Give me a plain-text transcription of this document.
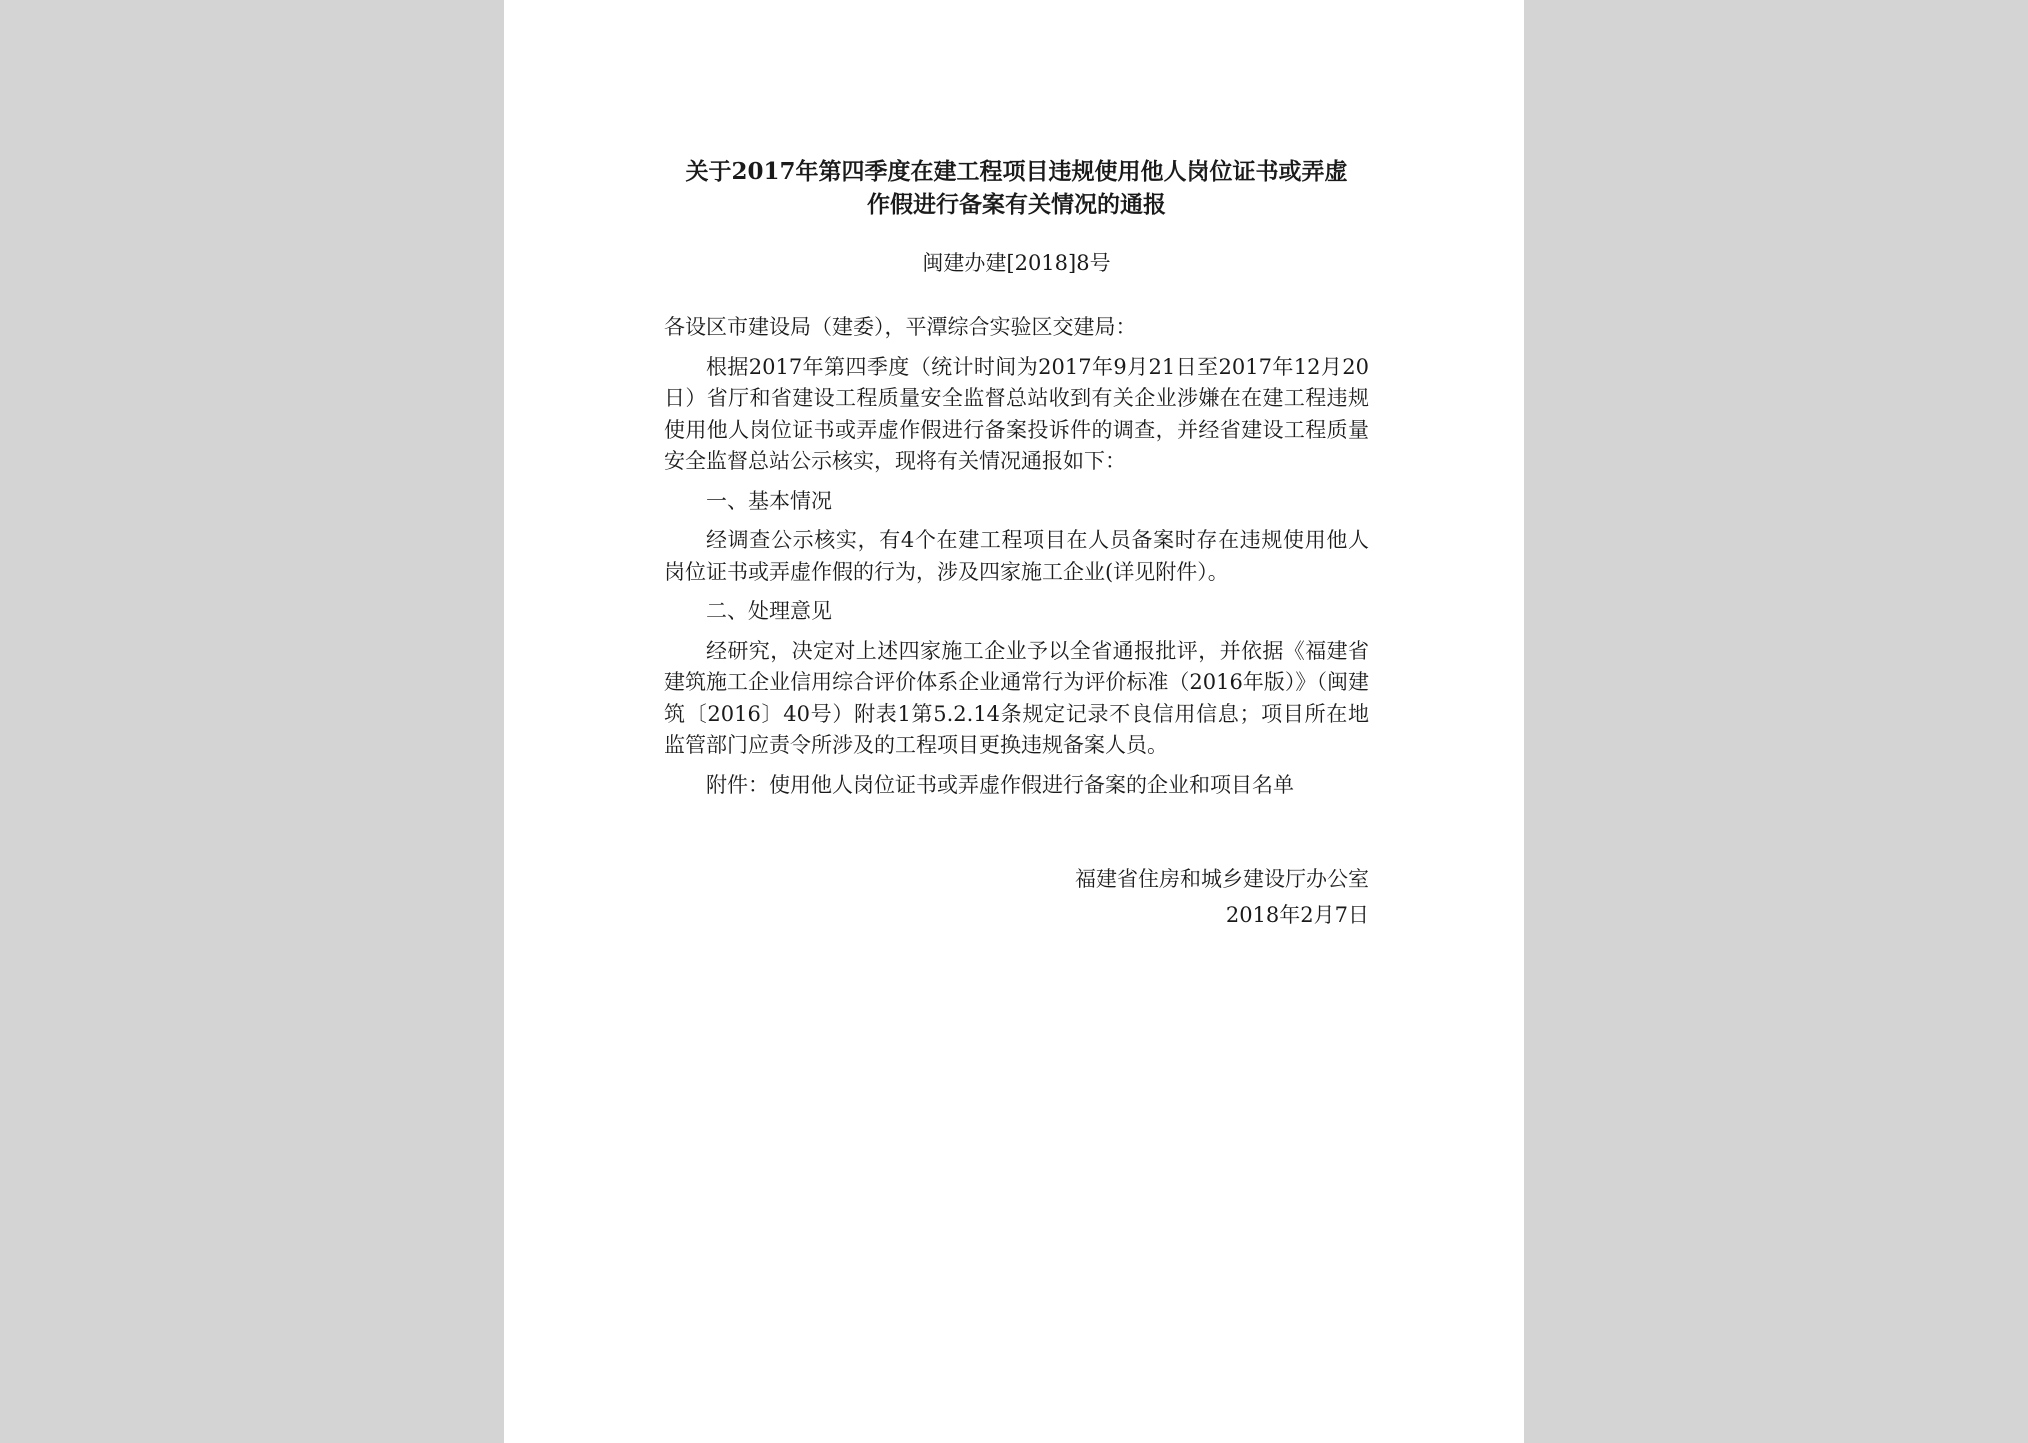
关于2017年第四季度在建工程项目违规使用他人岗位证书或弄虚
作假进行备案有关情况的通报
闽建办建[2018]8号

各设区市建设局（建委），平潭综合实验区交建局：

根据2017年第四季度（统计时间为2017年9月21日至2017年12月20日）省厅和省建设工程质量安全监督总站收到有关企业涉嫌在在建工程违规使用他人岗位证书或弄虚作假进行备案投诉件的调查，并经省建设工程质量安全监督总站公示核实，现将有关情况通报如下：

一、基本情况

经调查公示核实，有4个在建工程项目在人员备案时存在违规使用他人岗位证书或弄虚作假的行为，涉及四家施工企业(详见附件）。

二、处理意见

经研究，决定对上述四家施工企业予以全省通报批评，并依据《福建省建筑施工企业信用综合评价体系企业通常行为评价标准（2016年版）》（闽建筑〔2016〕40号）附表1第5.2.14条规定记录不良信用信息；项目所在地监管部门应责令所涉及的工程项目更换违规备案人员。

附件：使用他人岗位证书或弄虚作假进行备案的企业和项目名单

福建省住房和城乡建设厅办公室
2018年2月7日
